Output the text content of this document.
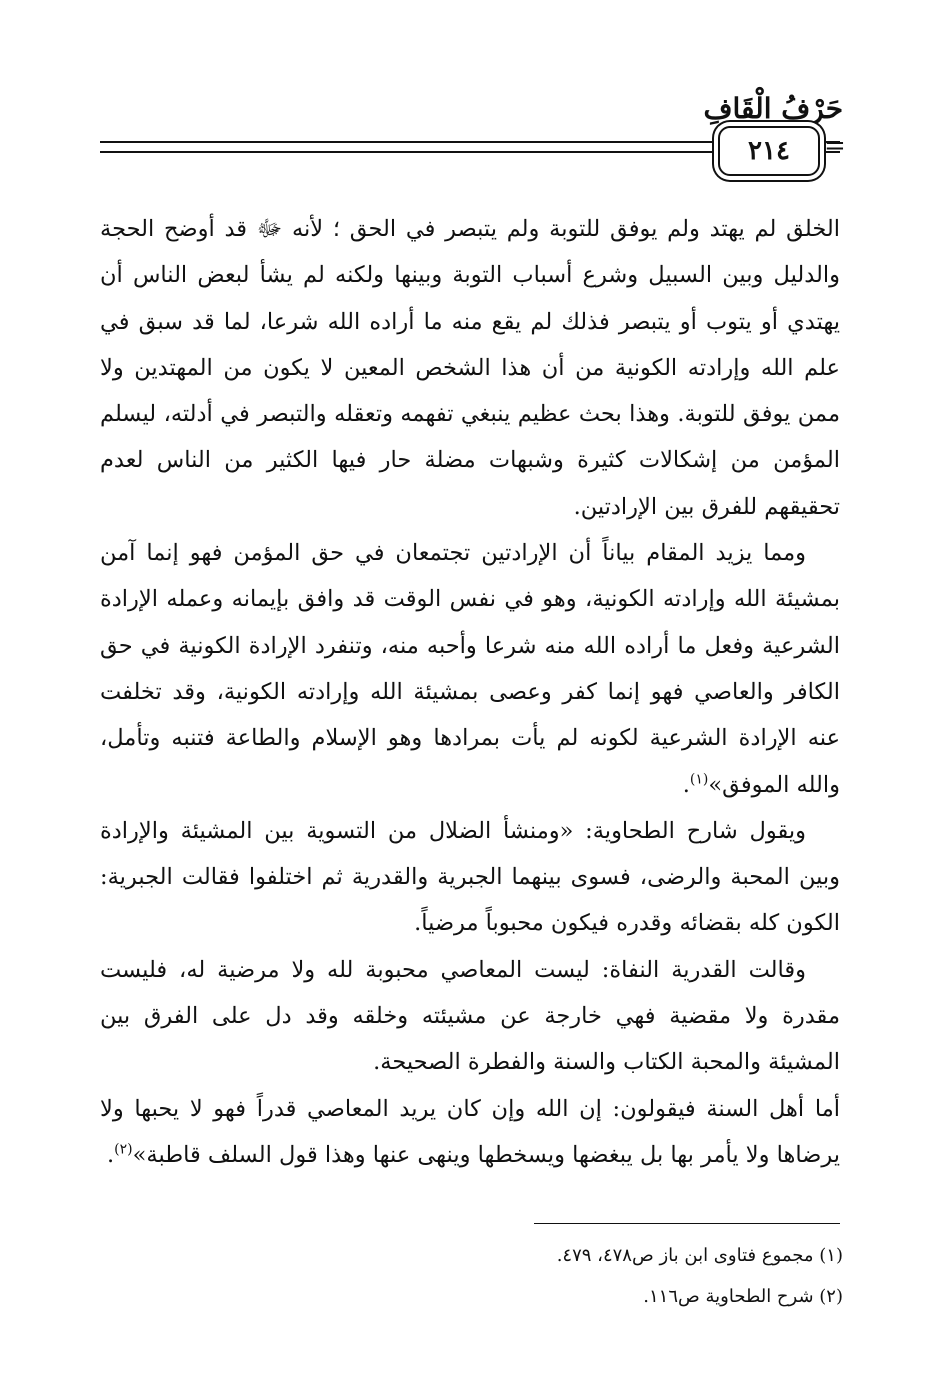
حَرْفُ الْقَافِ
٢١٤ =

الخلق لم يهتد ولم يوفق للتوبة ولم يتبصر في الحق ؛ لأنه ﷻ قد أوضح الحجة والدليل وبين السبيل وشرع أسباب التوبة وبينها ولكنه لم يشأ لبعض الناس أن يهتدي أو يتوب أو يتبصر فذلك لم يقع منه ما أراده الله شرعا، لما قد سبق في علم الله وإرادته الكونية من أن هذا الشخص المعين لا يكون من المهتدين ولا ممن يوفق للتوبة. وهذا بحث عظيم ينبغي تفهمه وتعقله والتبصر في أدلته، ليسلم المؤمن من إشكالات كثيرة وشبهات مضلة حار فيها الكثير من الناس لعدم تحقيقهم للفرق بين الإرادتين.

ومما يزيد المقام بياناً أن الإرادتين تجتمعان في حق المؤمن فهو إنما آمن بمشيئة الله وإرادته الكونية، وهو في نفس الوقت قد وافق بإيمانه وعمله الإرادة الشرعية وفعل ما أراده الله منه شرعا وأحبه منه، وتنفرد الإرادة الكونية في حق الكافر والعاصي فهو إنما كفر وعصى بمشيئة الله وإرادته الكونية، وقد تخلفت عنه الإرادة الشرعية لكونه لم يأت بمرادها وهو الإسلام والطاعة فتنبه وتأمل، والله الموفق»$^{(١)}$.

ويقول شارح الطحاوية: «ومنشأ الضلال من التسوية بين المشيئة والإرادة وبين المحبة والرضى، فسوى بينهما الجبرية والقدرية ثم اختلفوا فقالت الجبرية: الكون كله بقضائه وقدره فيكون محبوباً مرضياً.

وقالت القدرية النفاة: ليست المعاصي محبوبة لله ولا مرضية له، فليست مقدرة ولا مقضية فهي خارجة عن مشيئته وخلقه وقد دل على الفرق بين المشيئة والمحبة الكتاب والسنة والفطرة الصحيحة.

أما أهل السنة فيقولون: إن الله وإن كان يريد المعاصي قدراً فهو لا يحبها ولا يرضاها ولا يأمر بها بل يبغضها ويسخطها وينهى عنها وهذا قول السلف قاطبة»$^{(٢)}$.

(١) مجموع فتاوى ابن باز ص٤٧٨، ٤٧٩.
(٢) شرح الطحاوية ص١١٦.
